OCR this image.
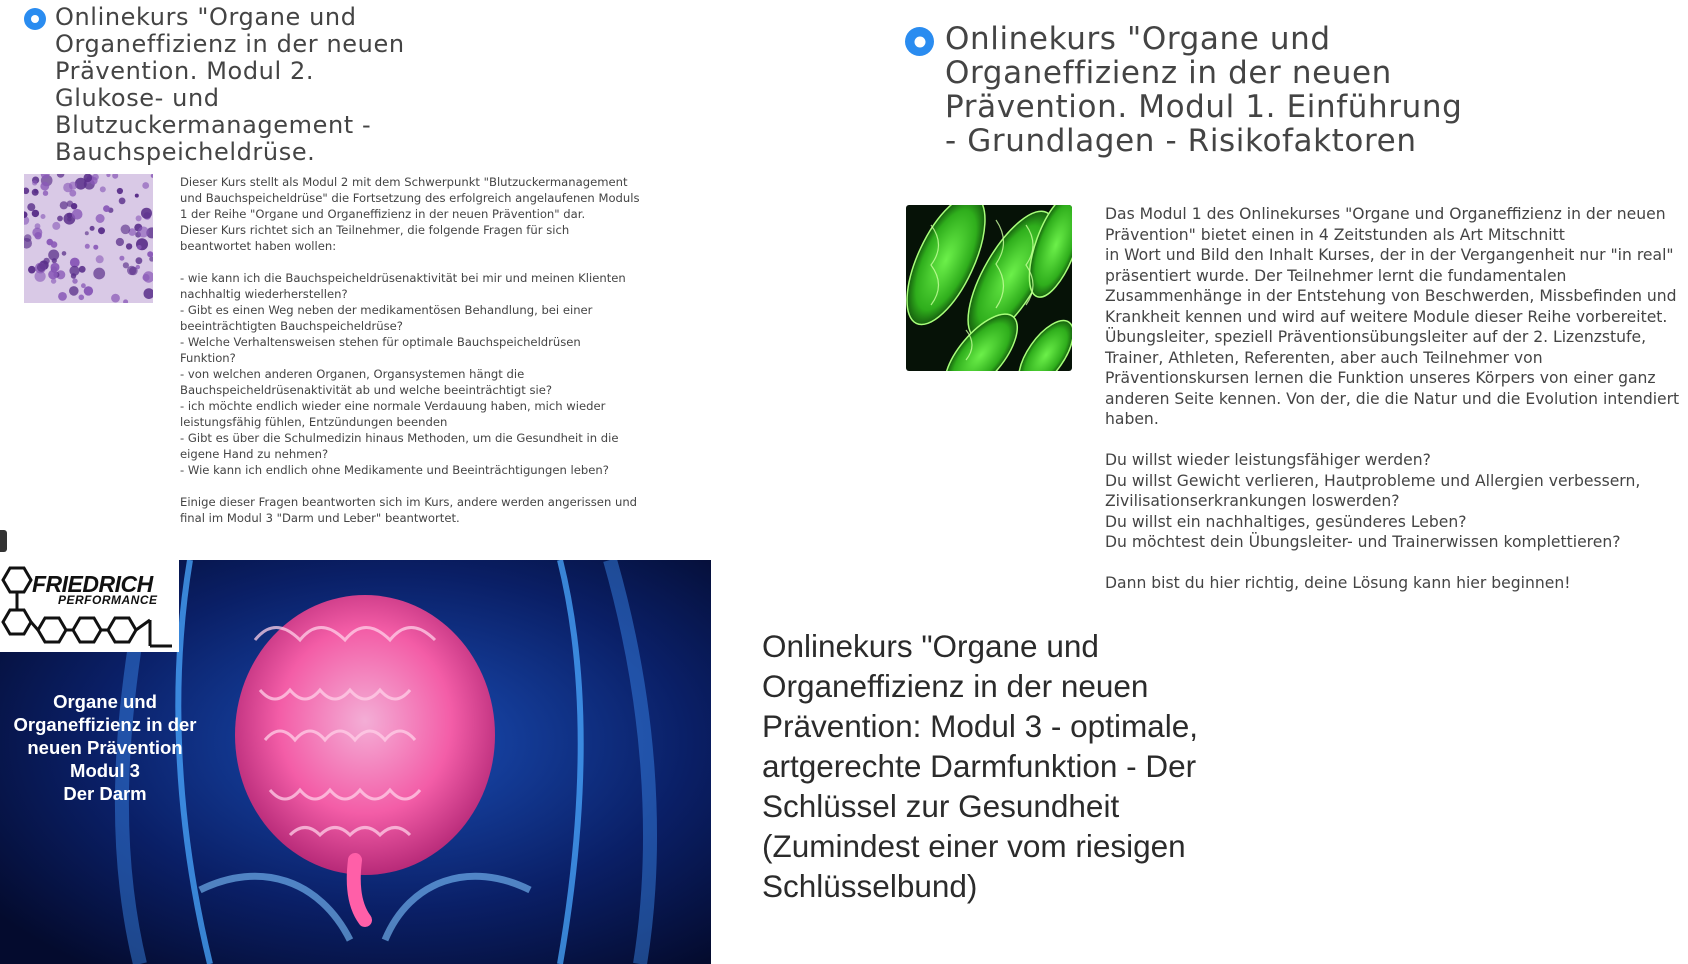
Onlinekurs "Organe und Organeffizienz in der neuen Prävention. Modul 2. Glukose- und Blutzuckermanagement - Bauchspeicheldrüse.

Dieser Kurs stellt als Modul 2 mit dem Schwerpunkt "Blutzuckermanagement und Bauchspeicheldrüse" die Fortsetzung des erfolgreich angelaufenen Moduls 1 der Reihe "Organe und Organeffizienz in der neuen Prävention" dar.
Dieser Kurs richtet sich an Teilnehmer, die folgende Fragen für sich beantwortet haben wollen:

- wie kann ich die Bauchspeicheldrüsenaktivität bei mir und meinen Klienten nachhaltig wiederherstellen?
- Gibt es einen Weg neben der medikamentösen Behandlung, bei einer beeinträchtigten Bauchspeicheldrüse?
- Welche Verhaltensweisen stehen für optimale Bauchspeicheldrüsen Funktion?
- von welchen anderen Organen, Organsystemen hängt die Bauchspeicheldrüsenaktivität ab und welche beeinträchtigt sie?
- ich möchte endlich wieder eine normale Verdauung haben, mich wieder leistungsfähig fühlen, Entzündungen beenden
- Gibt es über die Schulmedizin hinaus Methoden, um die Gesundheit in die eigene Hand zu nehmen?
- Wie kann ich endlich ohne Medikamente und Beeinträchtigungen leben?

Einige dieser Fragen beantworten sich im Kurs, andere werden angerissen und final im Modul 3 "Darm und Leber" beantwortet.

Onlinekurs "Organe und Organeffizienz in der neuen Prävention. Modul 1. Einführung - Grundlagen - Risikofaktoren

Das Modul 1 des Onlinekurses "Organe und Organeffizienz in der neuen Prävention" bietet einen in 4 Zeitstunden als Art Mitschnitt
in Wort und Bild den Inhalt Kurses, der in der Vergangenheit nur "in real" präsentiert wurde. Der Teilnehmer lernt die fundamentalen Zusammenhänge in der Entstehung von Beschwerden, Missbefinden und Krankheit kennen und wird auf weitere Module dieser Reihe vorbereitet.
Übungsleiter, speziell Präventionsübungsleiter auf der 2. Lizenzstufe, Trainer, Athleten, Referenten, aber auch Teilnehmer von Präventionskursen lernen die Funktion unseres Körpers von einer ganz anderen Seite kennen. Von der, die die Natur und die Evolution intendiert haben.

Du willst wieder leistungsfähiger werden?
Du willst Gewicht verlieren, Hautprobleme und Allergien verbessern, Zivilisationserkrankungen loswerden?
Du willst ein nachhaltiges, gesünderes Leben?
Du möchtest dein Übungsleiter- und Trainerwissen komplettieren?

Dann bist du hier richtig, deine Lösung kann hier beginnen!

FRIEDRICH
PERFORMANCE

Organe und
Organeffizienz in der
neuen Prävention
Modul 3
Der Darm

Onlinekurs "Organe und Organeffizienz in der neuen Prävention: Modul 3 - optimale, artgerechte Darmfunktion - Der Schlüssel zur Gesundheit (Zumindest einer vom riesigen Schlüsselbund)
